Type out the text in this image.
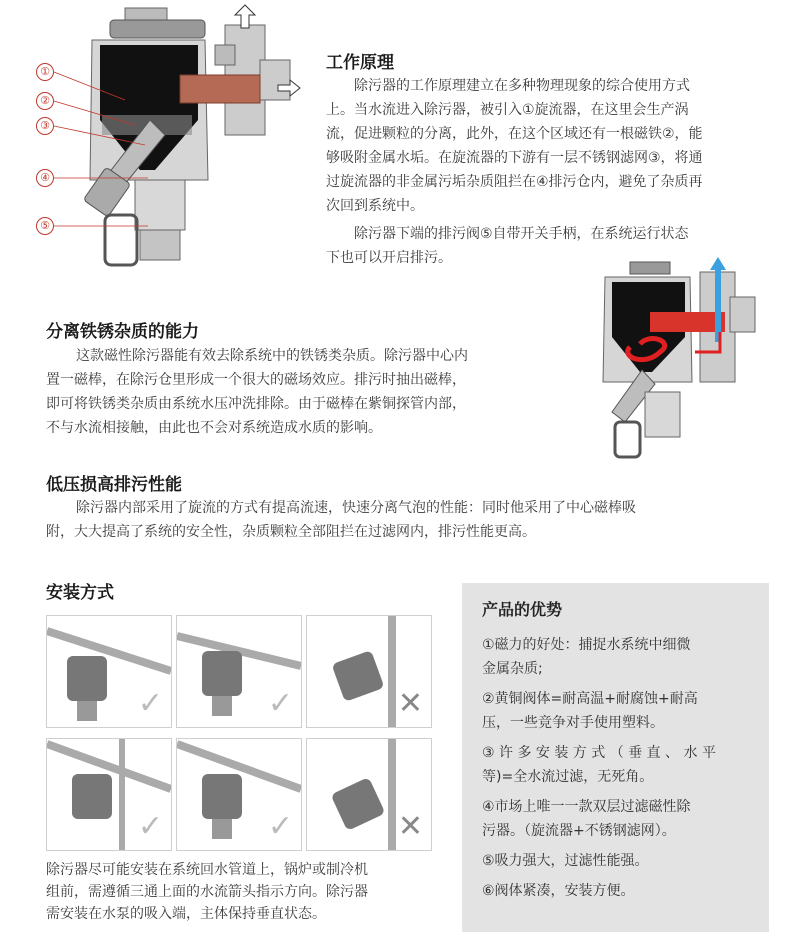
①
②
③
④
⑤
工作原理

除污器的工作原理建立在多种物理现象的综合使用方式
上。当水流进入除污器，被引入①旋流器，在这里会生产涡
流，促进颗粒的分离，此外，在这个区域还有一根磁铁②，能
够吸附金属水垢。在旋流器的下游有一层不锈钢滤网③，将通
过旋流器的非金属污垢杂质阻拦在④排污仓内，避免了杂质再
次回到系统中。

除污器下端的排污阀⑤自带开关手柄，在系统运行状态
下也可以开启排污。

分离铁锈杂质的能力

这款磁性除污器能有效去除系统中的铁锈类杂质。除污器中心内
置一磁棒，在除污仓里形成一个很大的磁场效应。排污时抽出磁棒，
即可将铁锈类杂质由系统水压冲洗排除。由于磁棒在紫铜探管内部，
不与水流相接触，由此也不会对系统造成水质的影响。

低压损高排污性能

除污器内部采用了旋流的方式有提高流速，快速分离气泡的性能：同时他采用了中心磁棒吸
附，大大提高了系统的安全性，杂质颗粒全部阻拦在过滤网内，排污性能更高。

安装方式
✓	✓	✕
✓	✓	✕

除污器尽可能安装在系统回水管道上，锅炉或制冷机
组前，需遵循三通上面的水流箭头指示方向。除污器
需安装在水泵的吸入端，主体保持垂直状态。

产品的优势
①磁力的好处：捕捉水系统中细微
金属杂质;
②黄铜阀体=耐高温+耐腐蚀+耐高
压，一些竞争对手使用塑料。
③ 许 多 安 装 方 式 （ 垂 直 、 水 平
等)=全水流过滤，无死角。
④市场上唯一一款双层过滤磁性除
污器。（旋流器+不锈钢滤网）。
⑤吸力强大，过滤性能强。
⑥阀体紧凑，安装方便。
